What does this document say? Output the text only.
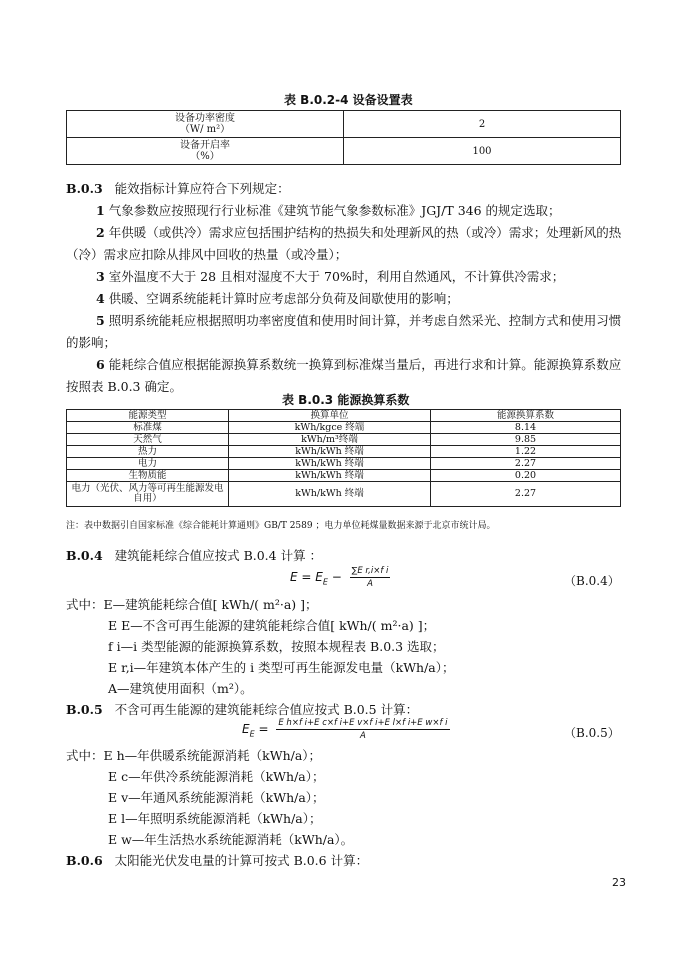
表 B.0.2-4 设备设置表
设备功率密度
（W/ m²）	2
设备开启率
（%）	100
B.0.3 能效指标计算应符合下列规定：
1 气象参数应按照现行行业标准《建筑节能气象参数标准》JGJ/T 346 的规定选取；
2 年供暖（或供冷）需求应包括围护结构的热损失和处理新风的热（或冷）需求；处理新风的热（冷）需求应扣除从排风中回收的热量（或冷量）；
3 室外温度不大于 28 且相对湿度不大于 70%时，利用自然通风，不计算供冷需求；
4 供暖、空调系统能耗计算时应考虑部分负荷及间歇使用的影响；
5 照明系统能耗应根据照明功率密度值和使用时间计算，并考虑自然采光、控制方式和使用习惯的影响；
6 能耗综合值应根据能源换算系数统一换算到标准煤当量后，再进行求和计算。能源换算系数应按照表 B.0.3 确定。
表 B.0.3 能源换算系数
能源类型	换算单位	能源换算系数
标准煤	kWh/kgce 终端	8.14
天然气	kWh/m³终端	9.85
热力	kWh/kWh 终端	1.22
电力	kWh/kWh 终端	2.27
生物质能	kWh/kWh 终端	0.20
电力（光伏、风力等可再生能源发电自用）	kWh/kWh 终端	2.27
注：表中数据引自国家标准《综合能耗计算通则》GB/T 2589 ；电力单位耗煤量数据来源于北京市统计局。
B.0.4 建筑能耗综合值应按式 B.0.4 计算 ：
$E = E_E - \frac{\text{∑E r,i×f i}}{A}$	（B.0.4）
式中：E—建筑能耗综合值[ kWh/( m²·a) ]；
E E—不含可再生能源的建筑能耗综合值[ kWh/( m²·a) ]；
f i—i 类型能源的能源换算系数，按照本规程表 B.0.3 选取；
E r,i—年建筑本体产生的 i 类型可再生能源发电量（kWh/a）；
A—建筑使用面积（m²）。
B.0.5 不含可再生能源的建筑能耗综合值应按式 B.0.5 计算：
$E_E = \frac{\text{E h×f i+E c×f i+E v×f i+E l×f i+E w×f i}}{A}$	（B.0.5）
式中：E h—年供暖系统能源消耗（kWh/a）；
E c—年供冷系统能源消耗（kWh/a）；
E v—年通风系统能源消耗（kWh/a）；
E l—年照明系统能源消耗（kWh/a）；
E w—年生活热水系统能源消耗（kWh/a）。
B.0.6 太阳能光伏发电量的计算可按式 B.0.6 计算：
23
